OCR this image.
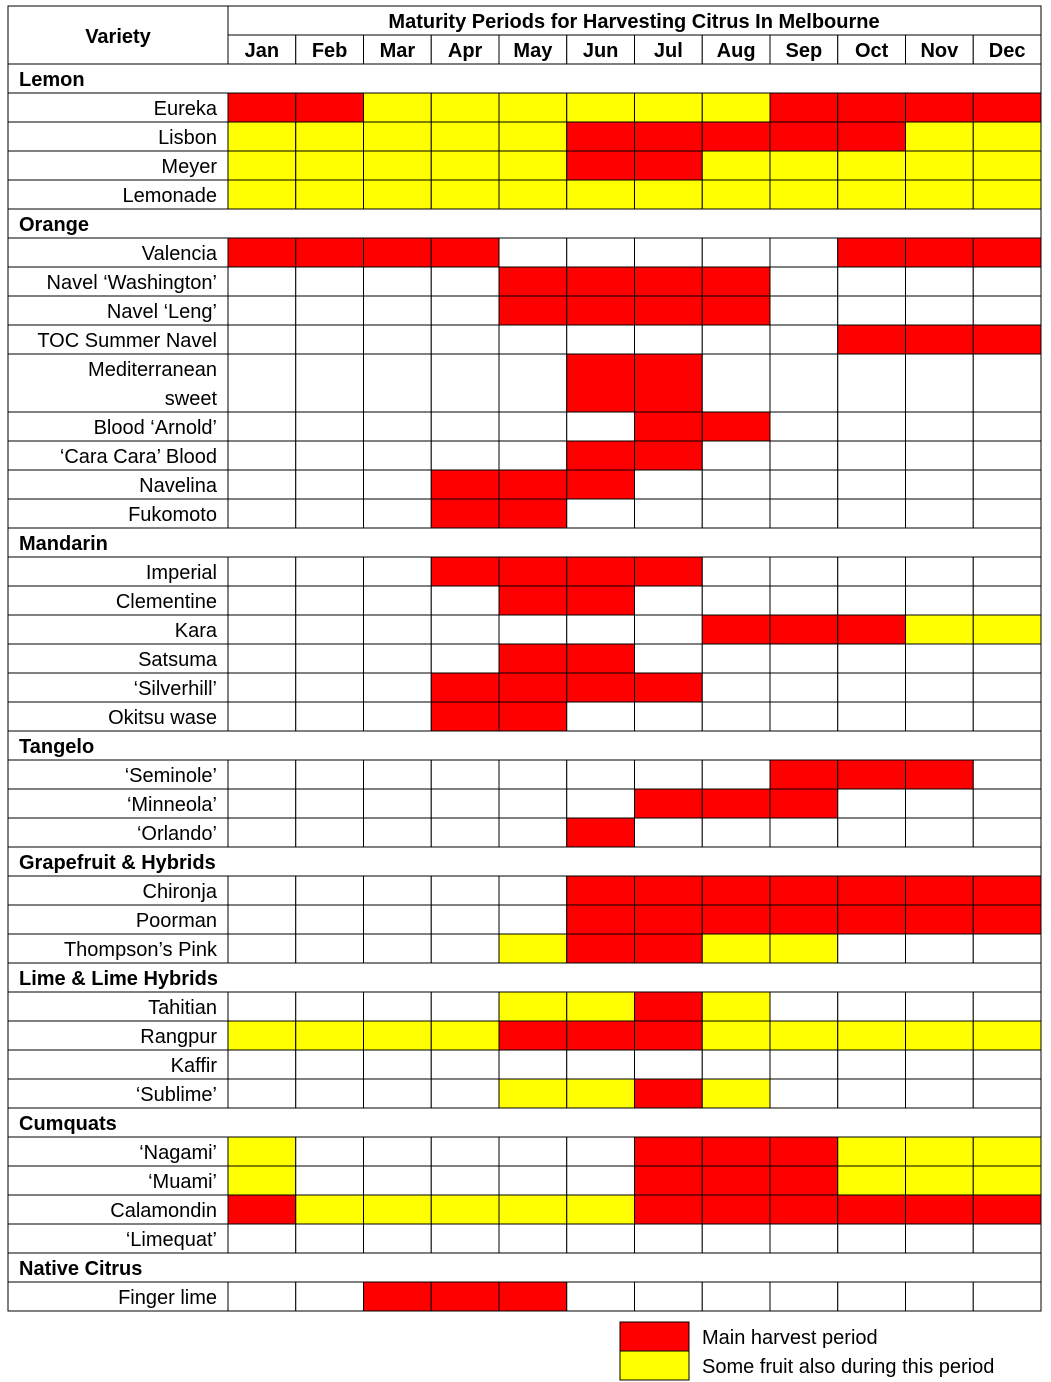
Variety
Maturity Periods for Harvesting Citrus In Melbourne
Jan Feb Mar Apr May Jun Jul Aug Sep Oct Nov Dec
Lemon
Eureka
Lisbon
Meyer
Lemonade
Orange
Valencia
Navel ‘Washington’
Navel ‘Leng’
TOC Summer Navel
Mediterranean sweet
Blood ‘Arnold’
‘Cara Cara’ Blood
Navelina
Fukomoto
Mandarin
Imperial
Clementine
Kara
Satsuma
‘Silverhill’
Okitsu wase
Tangelo
‘Seminole’
‘Minneola’
‘Orlando’
Grapefruit & Hybrids
Chironja
Poorman
Thompson’s Pink
Lime & Lime Hybrids
Tahitian
Rangpur
Kaffir
‘Sublime’
Cumquats
‘Nagami’
‘Muami’
Calamondin
‘Limequat’
Native Citrus
Finger lime
Main harvest period
Some fruit also during this period
